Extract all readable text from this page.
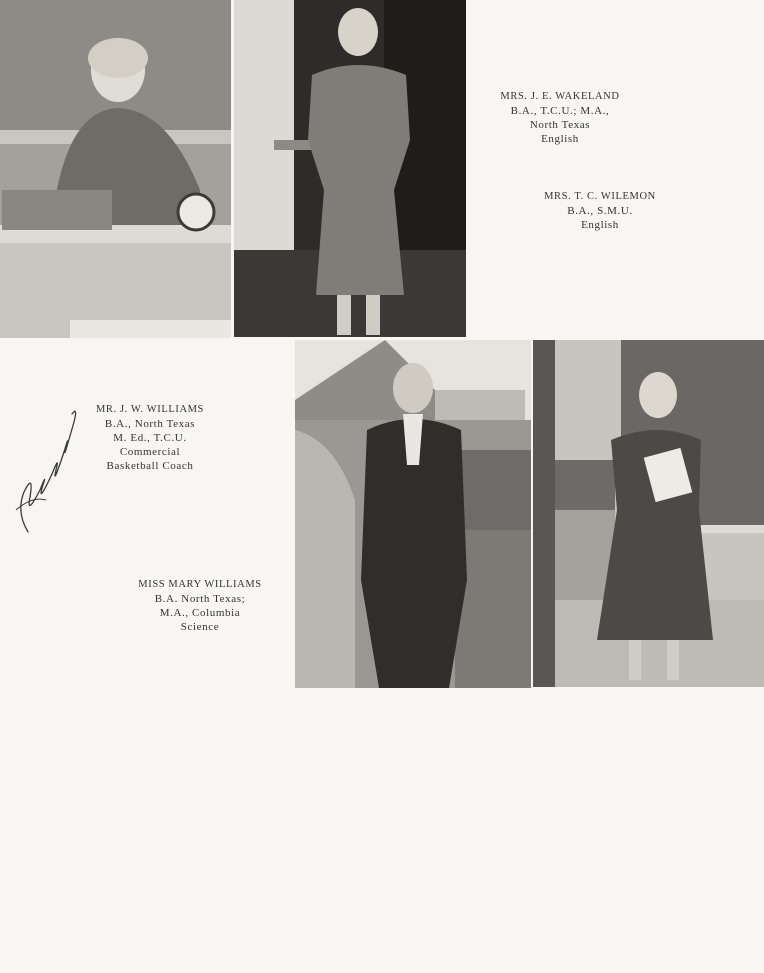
MRS. J. E. WAKELAND
B.A., T.C.U.; M.A.,
North Texas
English
MRS. T. C. WILEMON
B.A., S.M.U.
English
MR. J. W. WILLIAMS
B.A., North Texas
M. Ed., T.C.U.
Commercial
Basketball Coach
MISS MARY WILLIAMS
B.A. North Texas;
M.A., Columbia
Science
